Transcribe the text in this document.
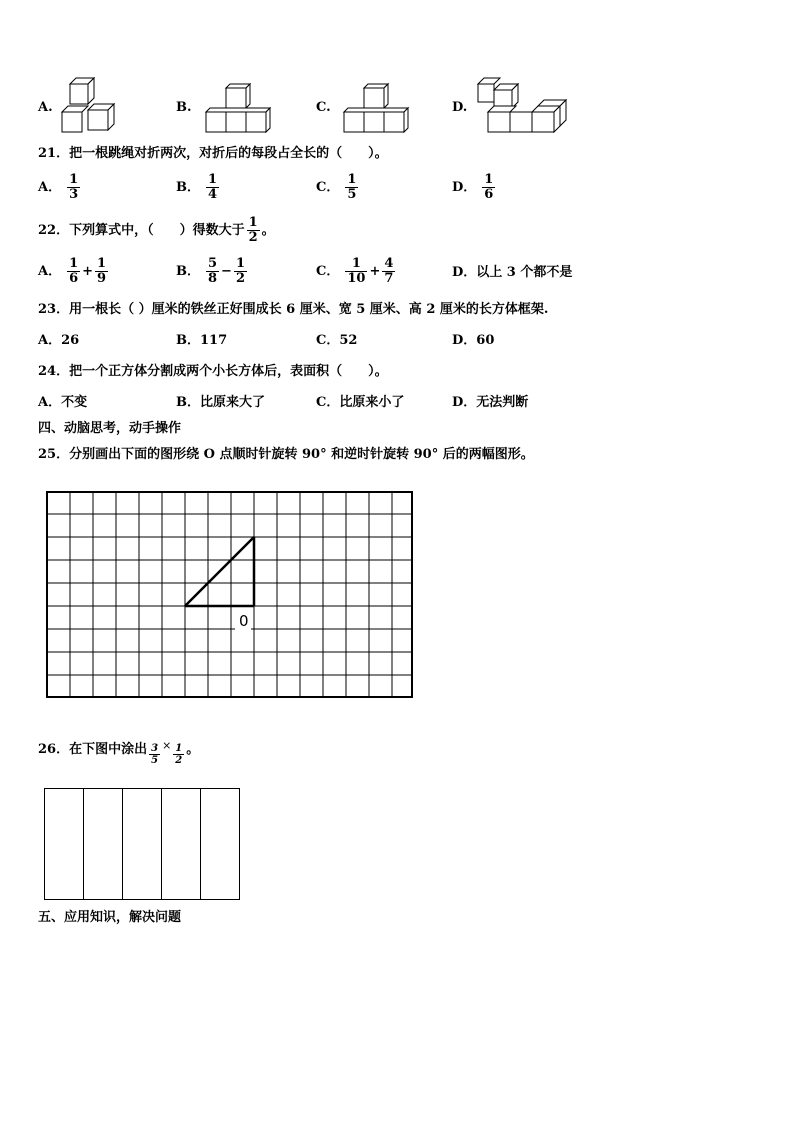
A.	B.	C.	D.
21．把一根跳绳对折两次，对折后的每段占全长的（　　）。
A． $\frac{1}{3}$	B． $\frac{1}{4}$	C． $\frac{1}{5}$	D． $\frac{1}{6}$
22．下列算式中，（　　）得数大于 $\frac{1}{2}$ 。
A． $\frac{1}{6} + \frac{1}{9}$	B． $\frac{5}{8} - \frac{1}{2}$	C． $\frac{1}{10} + \frac{4}{7}$	D．以上 3 个都不是
23．用一根长（ ）厘米的铁丝正好围成长 6 厘米、宽 5 厘米、高 2 厘米的长方体框架.
A．26	B．117	C．52	D．60
24．把一个正方体分割成两个小长方体后，表面积（　　）。
A．不变	B．比原来大了	C．比原来小了	D．无法判断
四、动脑思考，动手操作
25．分别画出下面的图形绕 O 点顺时针旋转 90° 和逆时针旋转 90° 后的两幅图形。
0
26．在下图中涂出 $\frac{3}{5} \times \frac{1}{2}$ 。
五、应用知识，解决问题
